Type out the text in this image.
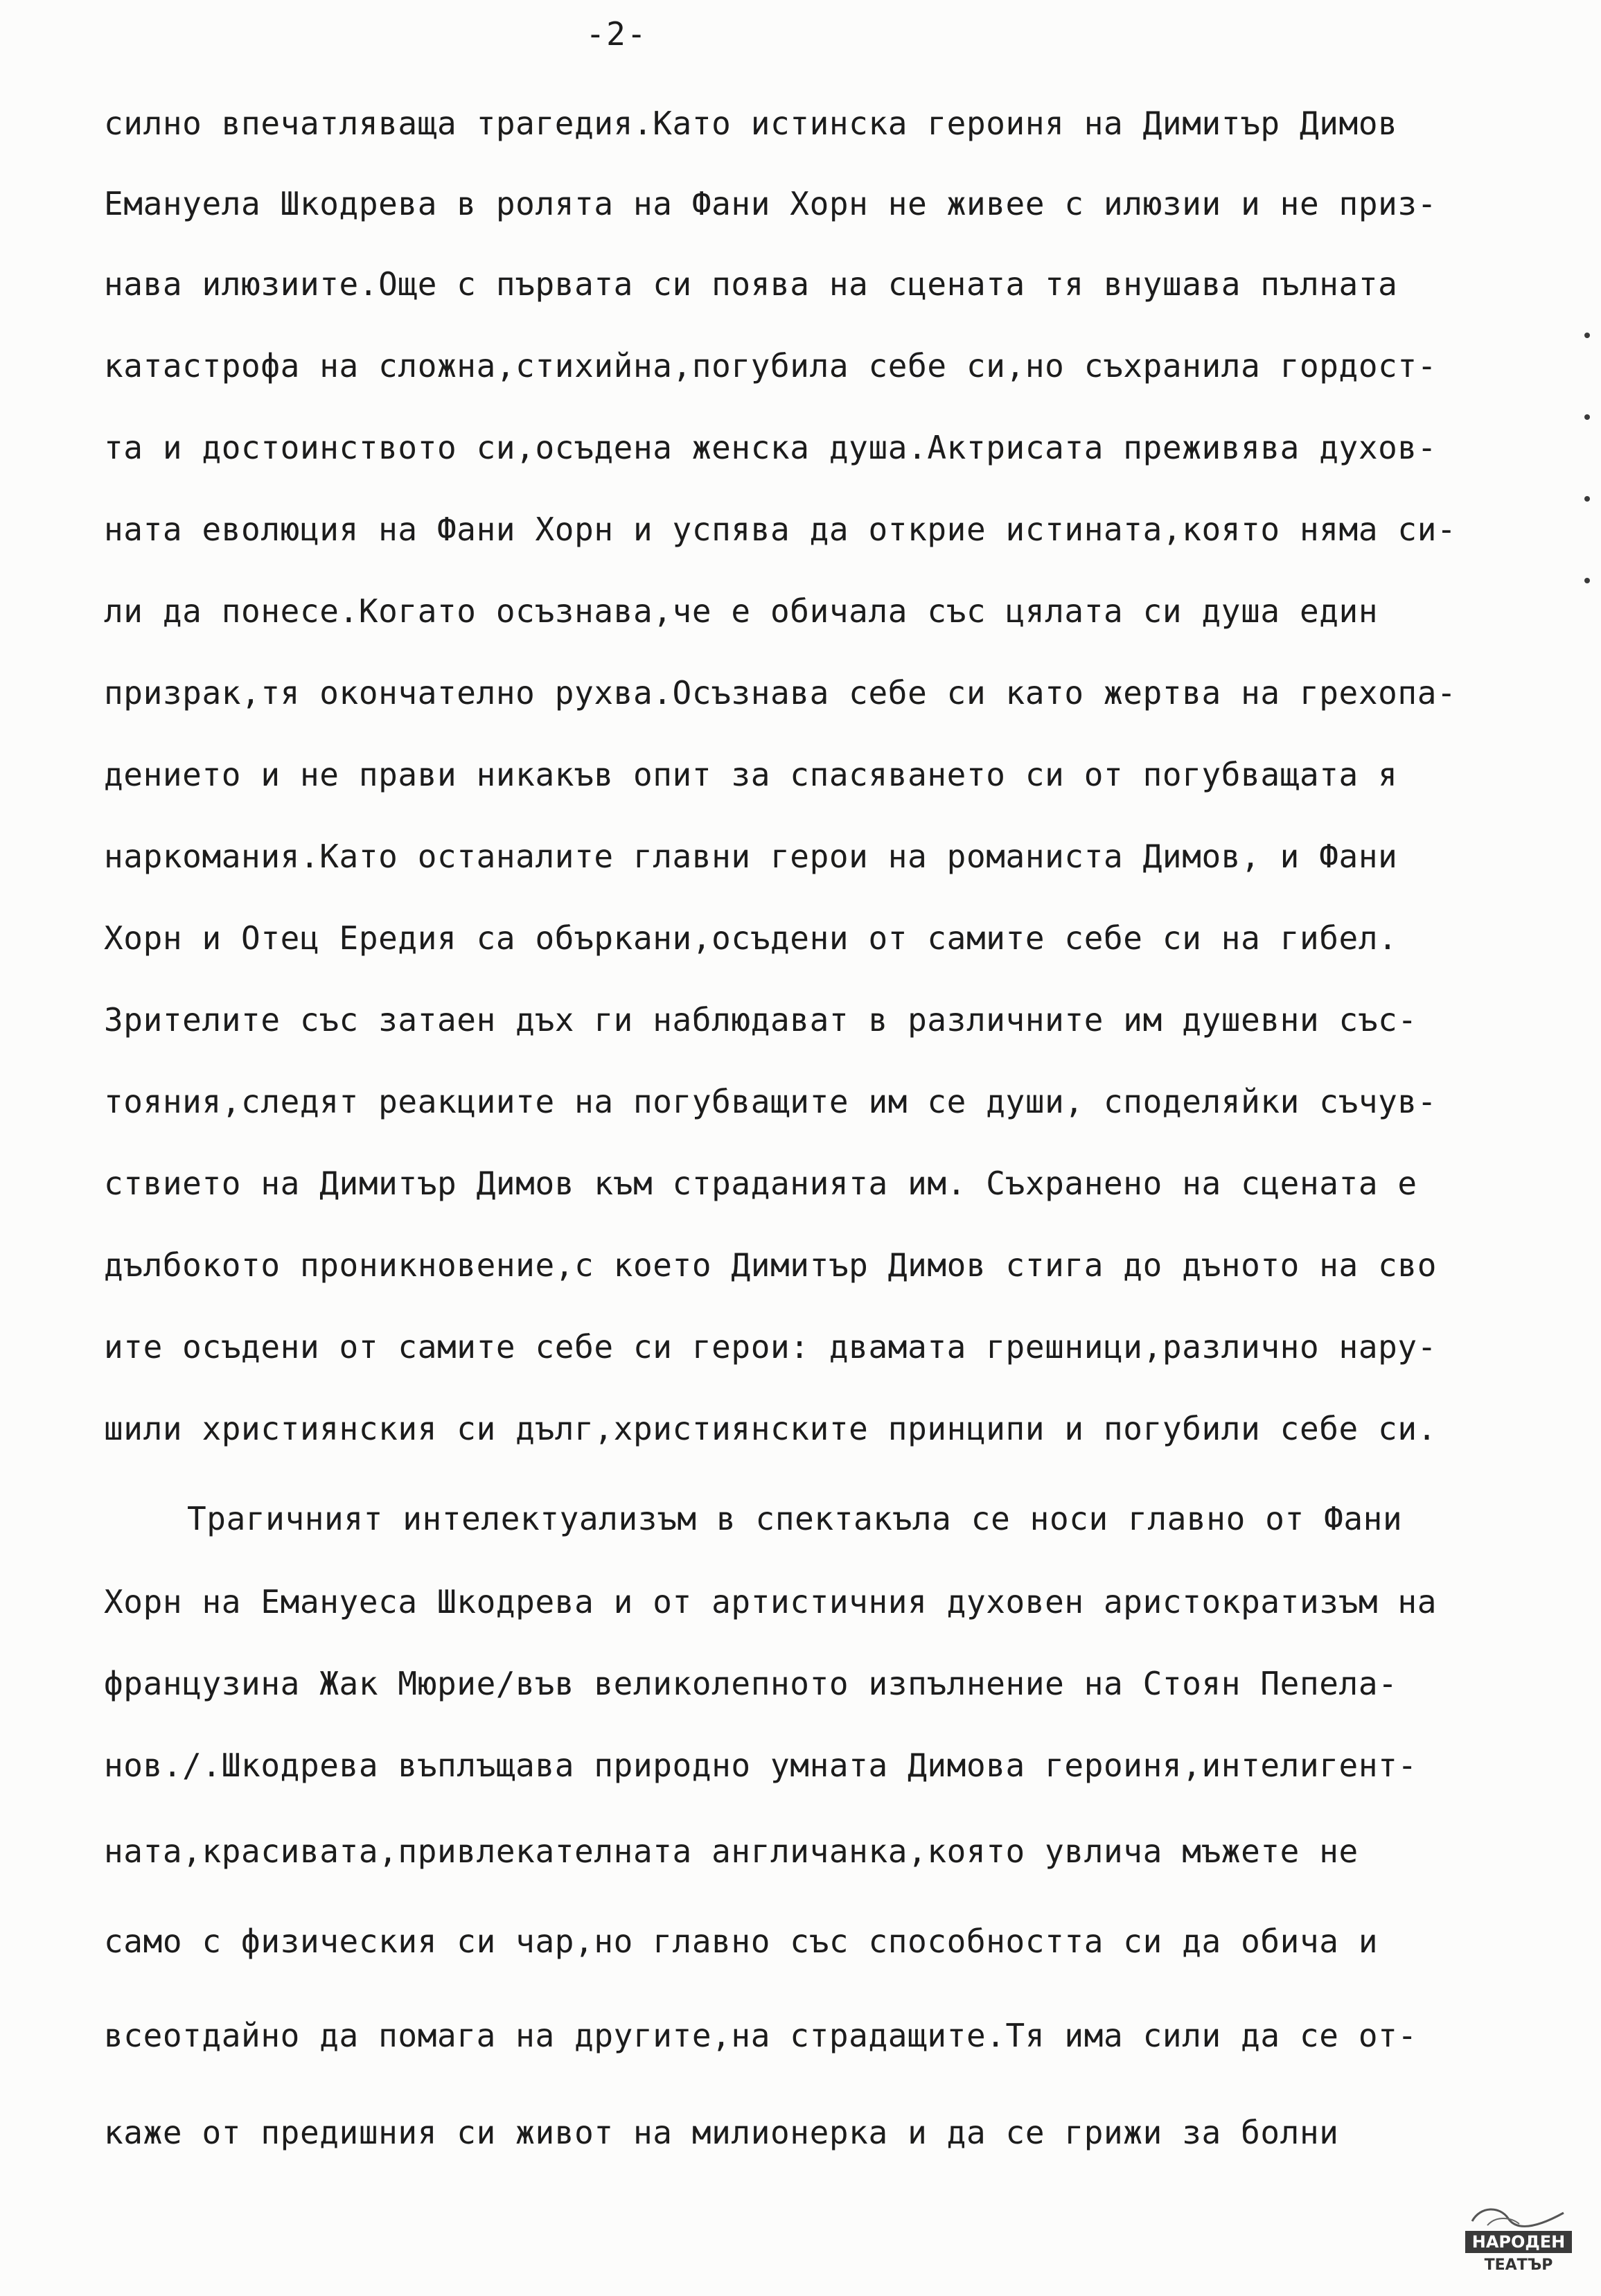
-2-
силно впечатляваща трагедия.Като истинска героиня на Димитър Димов
Емануела Шкодрева в ролята на Фани Хорн не живее с илюзии и не приз-
нава илюзиите.Още с първата си поява на сцената тя внушава пълната
катастрофа на сложна,стихийна,погубила себе си,но съхранила гордост-
та и достоинството си,осъдена женска душа.Актрисата преживява духов-
ната еволюция на Фани Хорн и успява да открие истината,която няма си-
ли да понесе.Когато осъзнава,че е обичала със цялата си душа един
призрак,тя окончателно рухва.Осъзнава себе си като жертва на грехопа-
дението и не прави никакъв опит за спасяването си от погубващата я
наркомания.Като останалите главни герои на романиста Димов, и Фани
Хорн и Отец Ередия са объркани,осъдени от самите себе си на гибел.
Зрителите със затаен дъх ги наблюдават в различните им душевни със-
тояния,следят реакциите на погубващите им се души, споделяйки съчув-
ствието на Димитър Димов към страданията им. Съхранено на сцената е
дълбокото проникновение,с което Димитър Димов стига до дъното на сво
ите осъдени от самите себе си герои: двамата грешници,различно нару-
шили християнския си дълг,християнските принципи и погубили себе си.
Трагичният интелектуализъм в спектакъла се носи главно от Фани
Хорн на Емануеса Шкодрева и от артистичния духовен аристократизъм на
французина Жак Мюрие/във великолепното изпълнение на Стоян Пепела-
нов./.Шкодрева въплъщава природно умната Димова героиня,интелигент-
ната,красивата,привлекателната англичанка,която увлича мъжете не
само с физическия си чар,но главно със способността си да обича и
всеотдайно да помага на другите,на страдащите.Тя има сили да се от-
каже от предишния си живот на милионерка и да се грижи за болни
НАРОДЕН
ТЕАТЪР
